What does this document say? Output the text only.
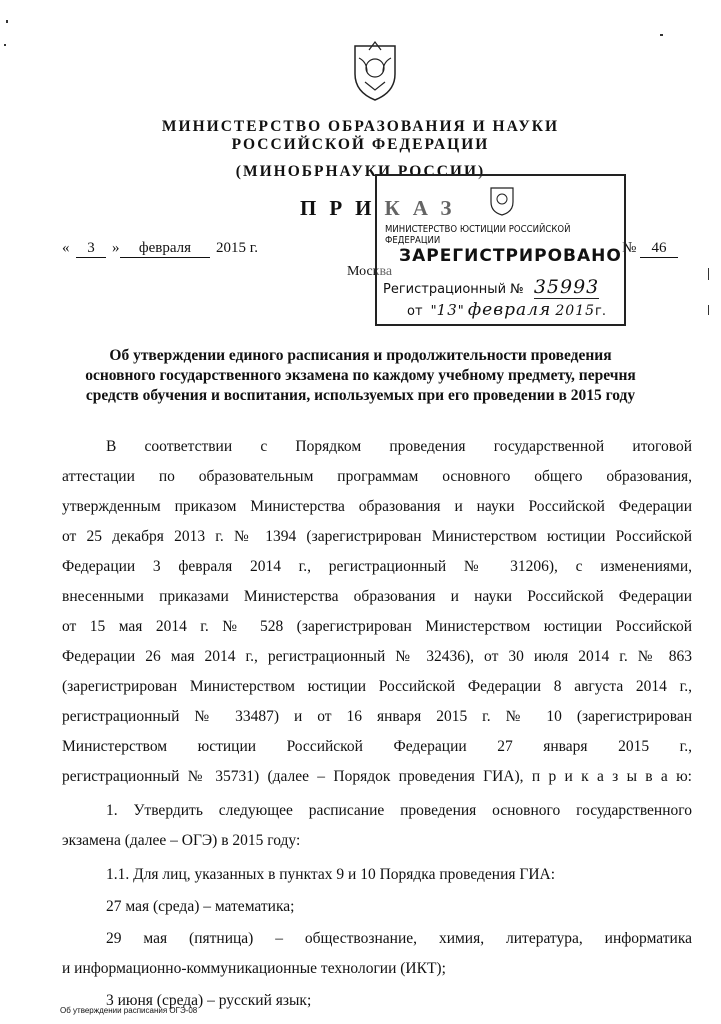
МИНИСТЕРСТВО ОБРАЗОВАНИЯ И НАУКИ
РОССИЙСКОЙ ФЕДЕРАЦИИ
(МИНОБРНАУКИ РОССИИ)
ПРИКАЗ
«	3	»	февраля	2015 г.	№	46
Москва
МИНИСТЕРСТВО ЮСТИЦИИ РОССИЙСКОЙ ФЕДЕРАЦИИ
ЗАРЕГИСТРИРОВАНО
Регистрационный № 35993
от "13" февраля 2015г.
Об утверждении единого расписания и продолжительности проведения
основного государственного экзамена по каждому учебному предмету, перечня
средств обучения и воспитания, используемых при его проведении в 2015 году
В соответствии с Порядком проведения государственной итоговой
аттестации по образовательным программам основного общего образования,
утвержденным приказом Министерства образования и науки Российской Федерации
от 25 декабря 2013 г. № 1394 (зарегистрирован Министерством юстиции Российской
Федерации 3 февраля 2014 г., регистрационный № 31206), с изменениями,
внесенными приказами Министерства образования и науки Российской Федерации
от 15 мая 2014 г. № 528 (зарегистрирован Министерством юстиции Российской
Федерации 26 мая 2014 г., регистрационный № 32436), от 30 июля 2014 г. № 863
(зарегистрирован Министерством юстиции Российской Федерации 8 августа 2014 г.,
регистрационный № 33487) и от 16 января 2015 г. № 10 (зарегистрирован
Министерством юстиции Российской Федерации 27 января 2015 г.,
регистрационный № 35731) (далее – Порядок проведения ГИА), п р и к а з ы в а ю:
1. Утвердить следующее расписание проведения основного государственного
экзамена (далее – ОГЭ) в 2015 году:
1.1. Для лиц, указанных в пунктах 9 и 10 Порядка проведения ГИА:
27 мая (среда) – математика;
29 мая (пятница) – обществознание, химия, литература, информатика
и информационно-коммуникационные технологии (ИКТ);
3 июня (среда) – русский язык;
Об утверждении расписания ОГЭ-08
